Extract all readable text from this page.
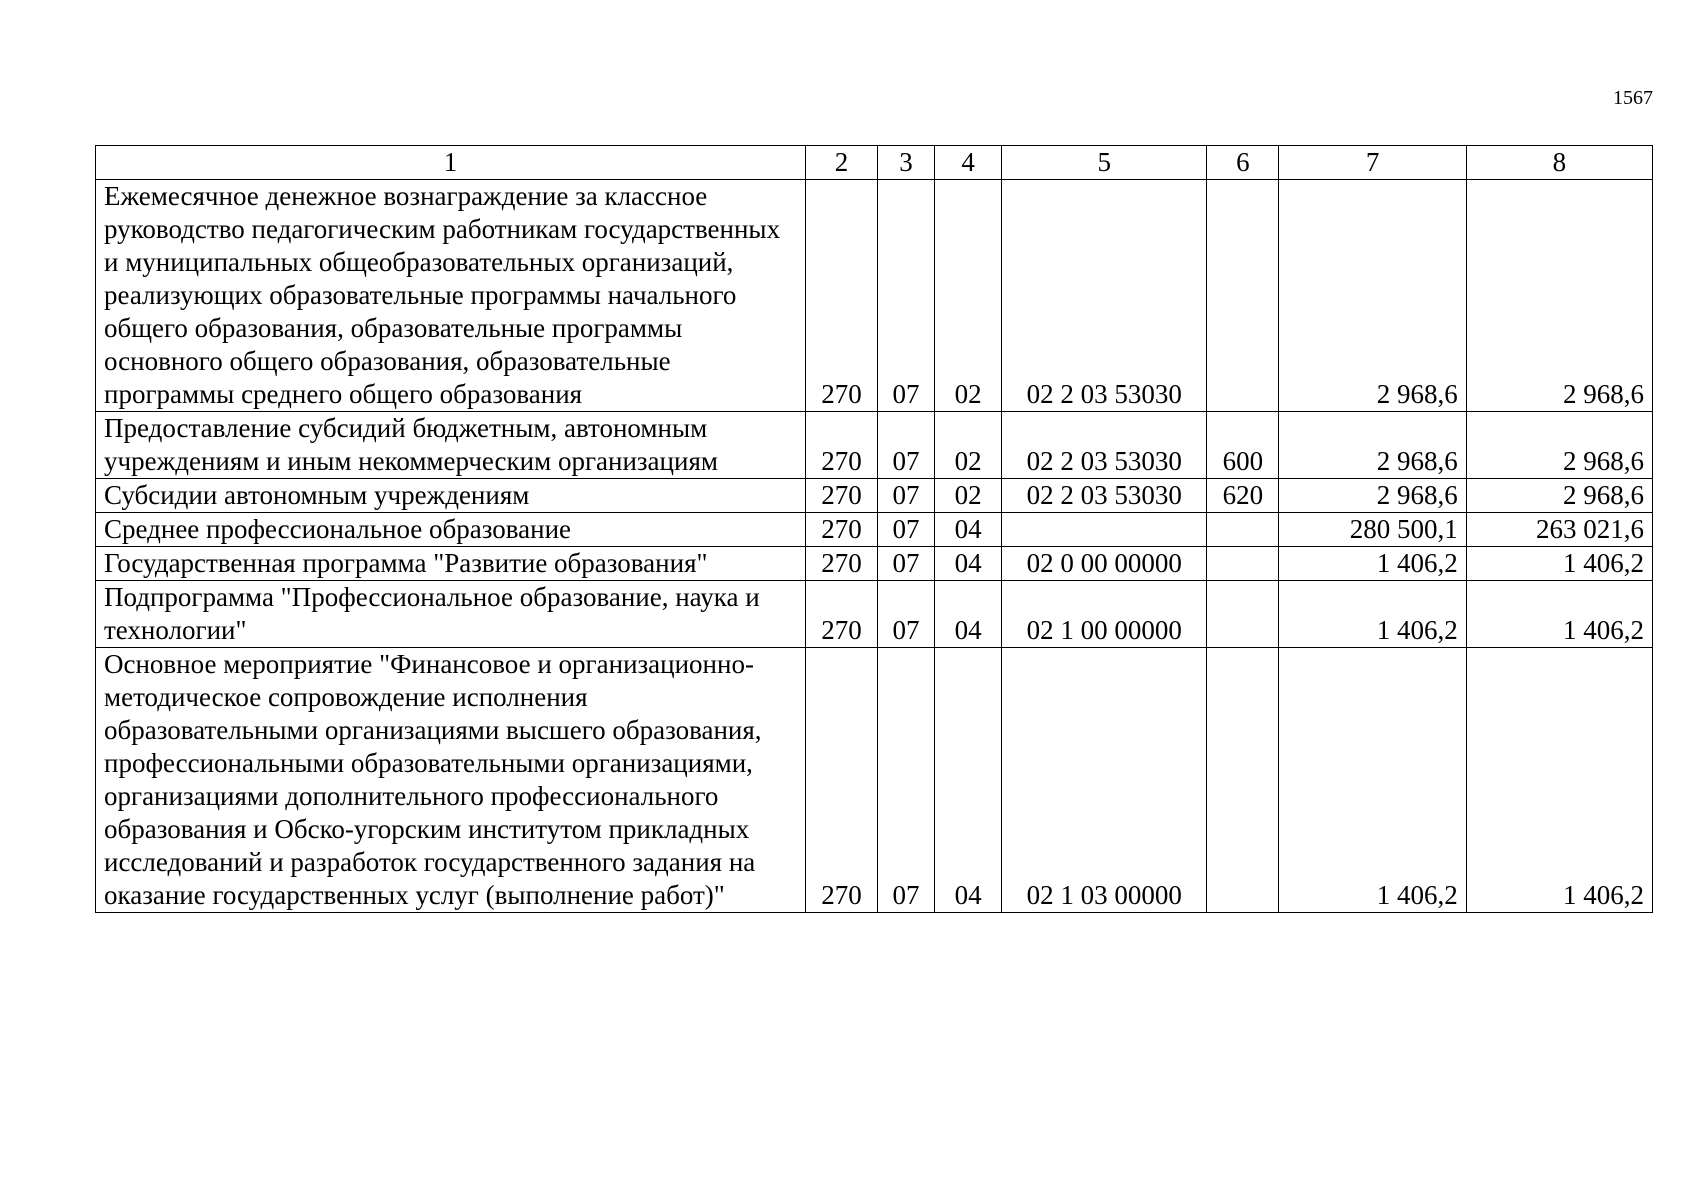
1567
1	2	3	4	5	6	7	8
Ежемесячное денежное вознаграждение за классное руководство педагогическим работникам государственных и муниципальных общеобразовательных организаций, реализующих образовательные программы начального общего образования, образовательные программы основного общего образования, образовательные программы среднего общего образования	270	07	02	02 2 03 53030		2 968,6	2 968,6
Предоставление субсидий бюджетным, автономным учреждениям и иным некоммерческим организациям	270	07	02	02 2 03 53030	600	2 968,6	2 968,6
Субсидии автономным учреждениям	270	07	02	02 2 03 53030	620	2 968,6	2 968,6
Среднее профессиональное образование	270	07	04			280 500,1	263 021,6
Государственная программа "Развитие образования"	270	07	04	02 0 00 00000		1 406,2	1 406,2
Подпрограмма "Профессиональное образование, наука и технологии"	270	07	04	02 1 00 00000		1 406,2	1 406,2
Основное мероприятие "Финансовое и организационно-методическое сопровождение исполнения образовательными организациями высшего образования, профессиональными образовательными организациями, организациями дополнительного профессионального образования и Обско-угорским институтом прикладных исследований и разработок государственного задания на оказание государственных услуг (выполнение работ)"	270	07	04	02 1 03 00000		1 406,2	1 406,2
